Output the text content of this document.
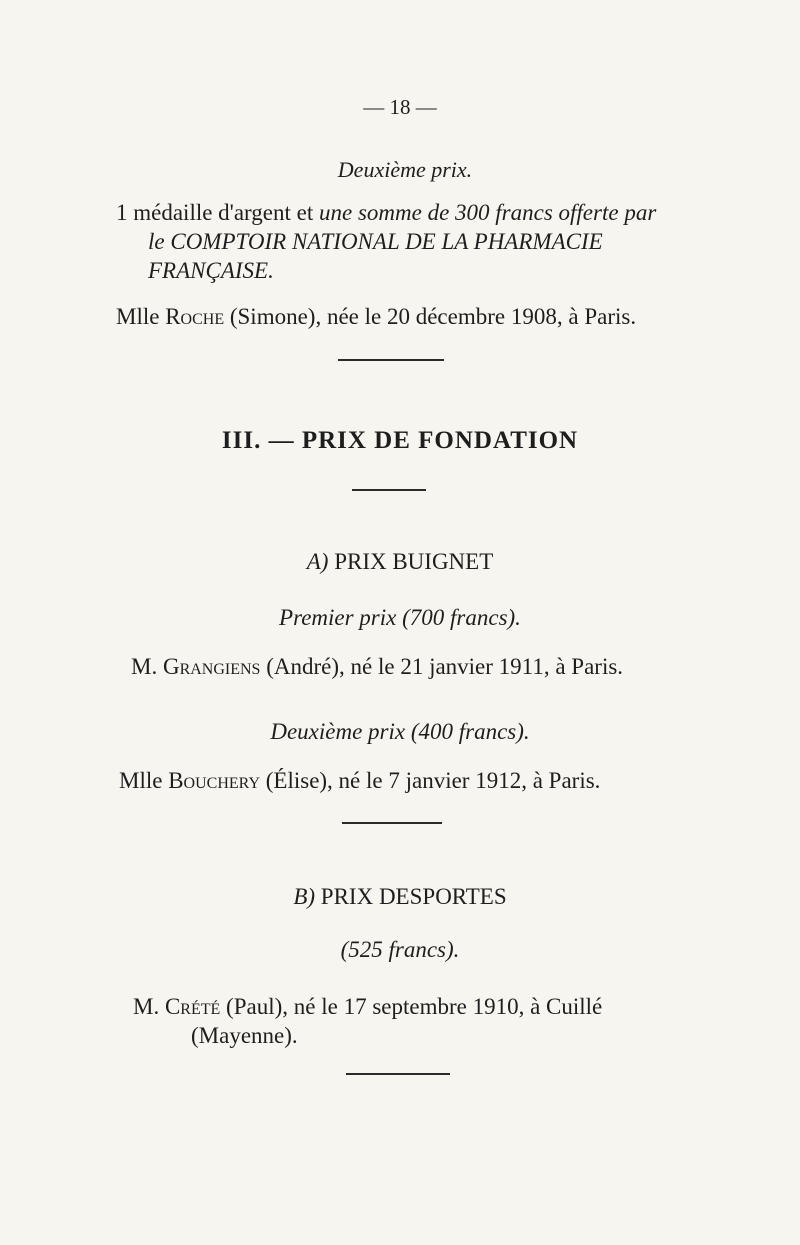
— 18 —
Deuxième prix.
1 médaille d'argent et une somme de 300 francs offerte par
le COMPTOIR NATIONAL DE LA PHARMACIE
FRANÇAISE.
Mlle Roche (Simone), née le 20 décembre 1908, à Paris.
III. — PRIX DE FONDATION
A) PRIX BUIGNET
Premier prix (700 francs).
M. Grangiens (André), né le 21 janvier 1911, à Paris.
Deuxième prix (400 francs).
Mlle Bouchery (Élise), né le 7 janvier 1912, à Paris.
B) PRIX DESPORTES
(525 francs).
M. Crété (Paul), né le 17 septembre 1910, à Cuillé
(Mayenne).
